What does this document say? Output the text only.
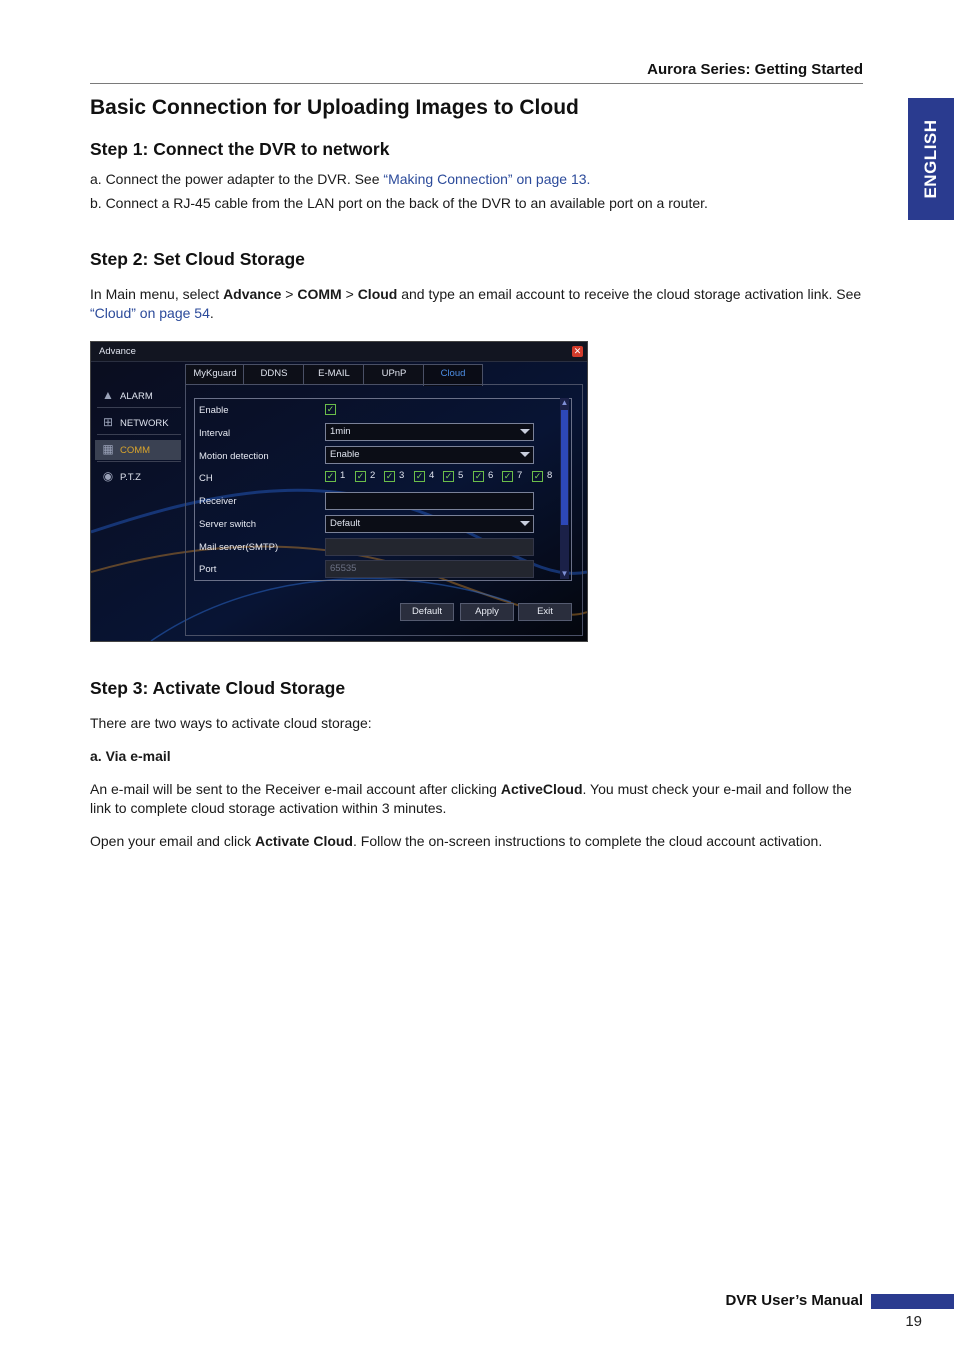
Aurora Series: Getting Started
ENGLISH
Basic Connection for Uploading Images to Cloud
Step 1: Connect the DVR to network
a. Connect the power adapter to the DVR. See “Making Connection” on page 13.
b. Connect a RJ-45 cable from the LAN port on the back of the DVR to an available port on a router.
Step 2: Set Cloud Storage
In Main menu, select Advance > COMM > Cloud and type an email account to receive the cloud storage activation link. See “Cloud” on page 54.
Advance	✕
▲ ALARM
⊞ NETWORK
▦ COMM
◉ P.T.Z
MyKguard	DDNS	E-MAIL	UPnP	Cloud
Enable	✓
Interval	1min
Motion detection	Enable
CH	✓ 1 ✓ 2 ✓ 3 ✓ 4 ✓ 5 ✓ 6 ✓ 7 ✓ 8
Receiver
Server switch	Default
Mail server(SMTP)
Port	65535
▲
▼
Default	Apply	Exit
Step 3: Activate Cloud Storage
There are two ways to activate cloud storage:
a. Via e-mail
An e-mail will be sent to the Receiver e-mail account after clicking ActiveCloud. You must check your e-mail and follow the link to complete cloud storage activation within 3 minutes.
Open your email and click Activate Cloud. Follow the on-screen instructions to complete the cloud account activation.
DVR User’s Manual
19
